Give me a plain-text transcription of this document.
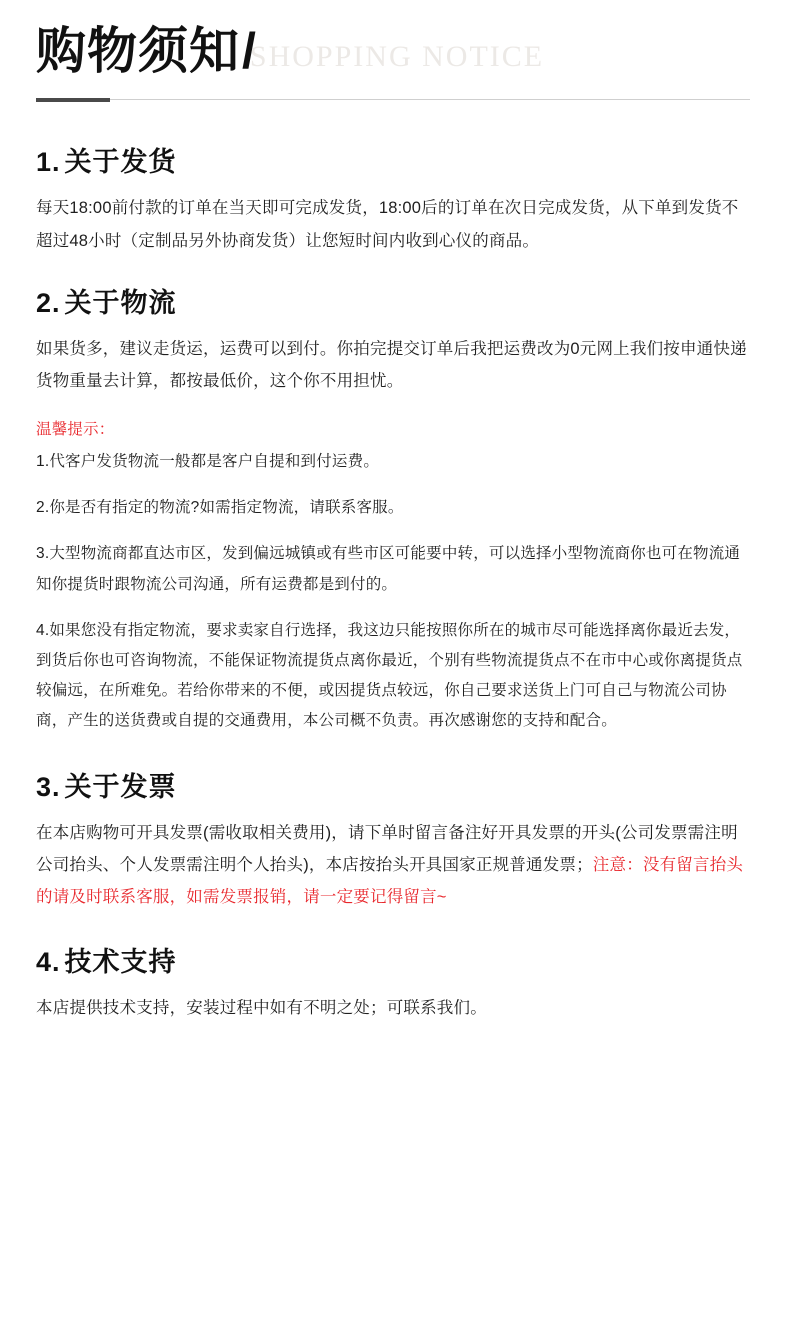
购物须知 /
SHOPPING NOTICE
1. 关于发货

每天18:00前付款的订单在当天即可完成发货，18:00后的订单在次日完成发货，从下单到发货不超过48小时（定制品另外协商发货）让您短时间内收到心仪的商品。

2. 关于物流

如果货多，建议走货运，运费可以到付。你拍完提交订单后我把运费改为0元网上我们按申通快递货物重量去计算，都按最低价，这个你不用担忧。

温馨提示：

1.代客户发货物流一般都是客户自提和到付运费。

2.你是否有指定的物流?如需指定物流，请联系客服。

3.大型物流商都直达市区，发到偏远城镇或有些市区可能要中转，可以选择小型物流商你也可在物流通知你提货时跟物流公司沟通，所有运费都是到付的。

4.如果您没有指定物流，要求卖家自行选择，我这边只能按照你所在的城市尽可能选择离你最近去发，到货后你也可咨询物流，不能保证物流提货点离你最近，个别有些物流提货点不在市中心或你离提货点较偏远，在所难免。若给你带来的不便，或因提货点较远，你自己要求送货上门可自己与物流公司协商，产生的送货费或自提的交通费用，本公司概不负责。再次感谢您的支持和配合。

3. 关于发票

在本店购物可开具发票(需收取相关费用)，请下单时留言备注好开具发票的开头(公司发票需注明公司抬头、个人发票需注明个人抬头)，本店按抬头开具国家正规普通发票；注意：没有留言抬头的请及时联系客服，如需发票报销，请一定要记得留言~

4. 技术支持

本店提供技术支持，安装过程中如有不明之处；可联系我们。
